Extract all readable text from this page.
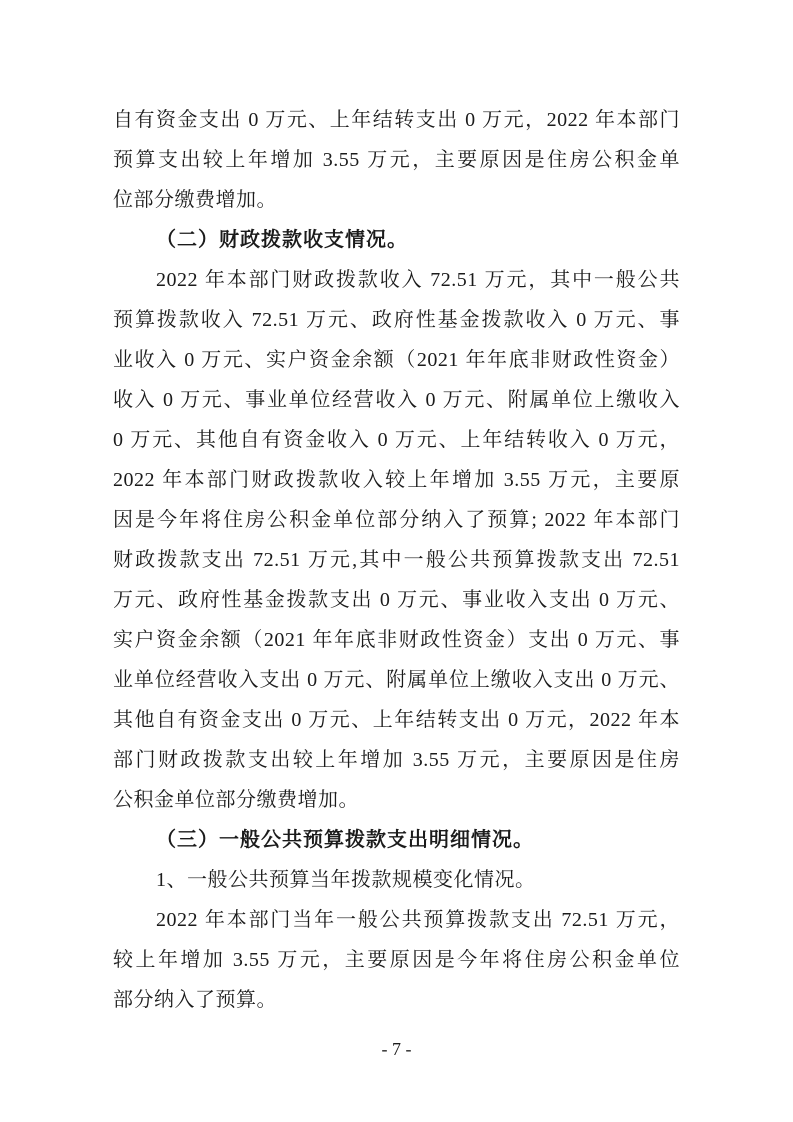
自有资金支出 0 万元、上年结转支出 0 万元，2022 年本部门
预算支出较上年增加 3.55 万元，主要原因是住房公积金单
位部分缴费增加。
（二）财政拨款收支情况。
2022 年本部门财政拨款收入 72.51 万元，其中一般公共
预算拨款收入 72.51 万元、政府性基金拨款收入 0 万元、事
业收入 0 万元、实户资金余额（2021 年年底非财政性资金）
收入 0 万元、事业单位经营收入 0 万元、附属单位上缴收入
0 万元、其他自有资金收入 0 万元、上年结转收入 0 万元，
2022 年本部门财政拨款收入较上年增加 3.55 万元，主要原
因是今年将住房公积金单位部分纳入了预算; 2022 年本部门
财政拨款支出 72.51 万元,其中一般公共预算拨款支出 72.51
万元、政府性基金拨款支出 0 万元、事业收入支出 0 万元、
实户资金余额（2021 年年底非财政性资金）支出 0 万元、事
业单位经营收入支出 0 万元、附属单位上缴收入支出 0 万元、
其他自有资金支出 0 万元、上年结转支出 0 万元，2022 年本
部门财政拨款支出较上年增加 3.55 万元，主要原因是住房
公积金单位部分缴费增加。
（三）一般公共预算拨款支出明细情况。
1、一般公共预算当年拨款规模变化情况。
2022 年本部门当年一般公共预算拨款支出 72.51 万元，
较上年增加 3.55 万元，主要原因是今年将住房公积金单位
部分纳入了预算。
- 7 -
